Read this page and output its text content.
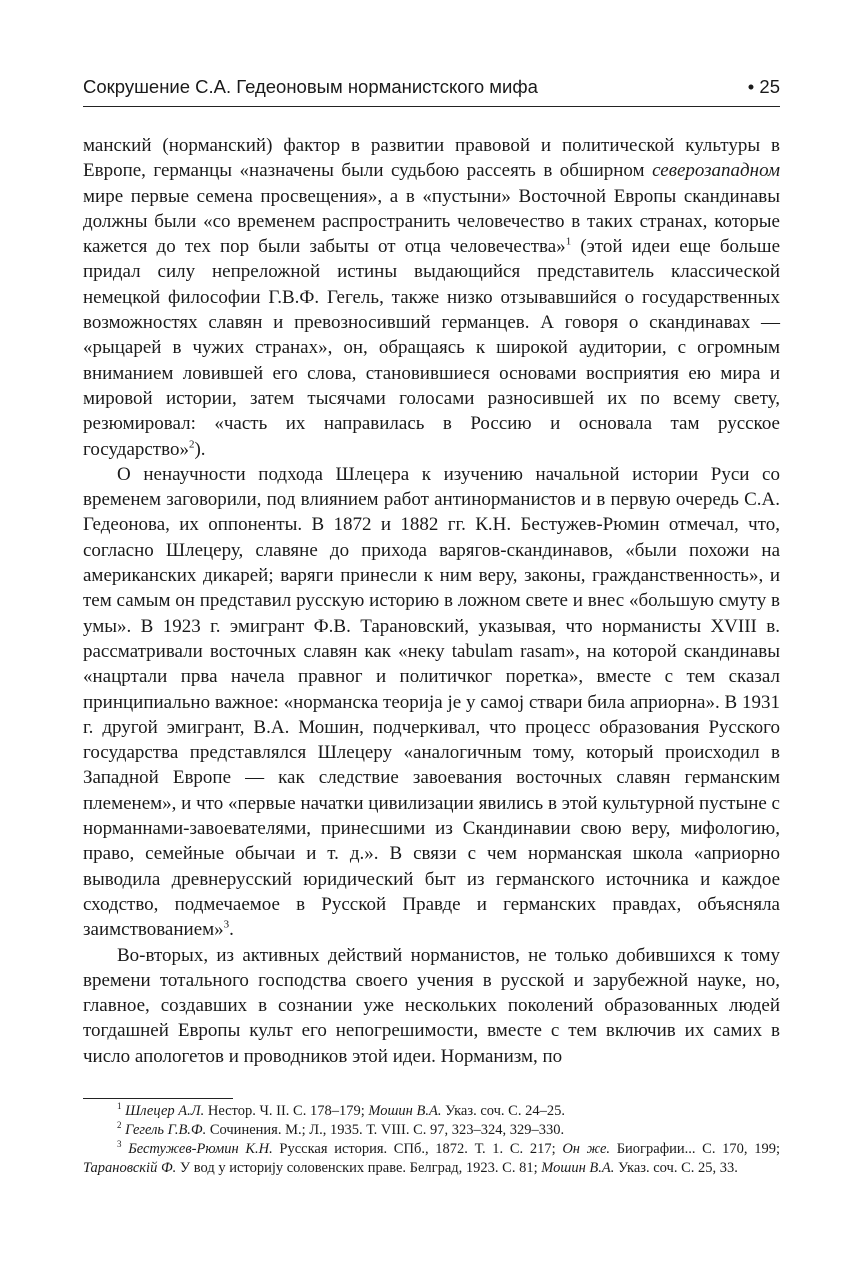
Сокрушение С.А. Гедеоновым норманистского мифа	• 25

манский (норманский) фактор в развитии правовой и политической культуры в Европе, германцы «назначены были судьбою рассеять в обширном северозападном мире первые семена просвещения», а в «пустыни» Восточной Европы скандинавы должны были «со временем распространить человечество в таких странах, которые кажется до тех пор были забыты от отца человечества»$^1$ (этой идеи еще больше придал силу непреложной истины выдающийся представитель классической немецкой философии Г.В.Ф. Гегель, также низко отзывавшийся о государственных возможностях славян и превозносивший германцев. А говоря о скандинавах — «рыцарей в чужих странах», он, обращаясь к широкой аудитории, с огромным вниманием ловившей его слова, становившиеся основами восприятия ею мира и мировой истории, затем тысячами голосами разносившей их по всему свету, резюмировал: «часть их направилась в Россию и основала там русское государство»$^2$).

О ненаучности подхода Шлецера к изучению начальной истории Руси со временем заговорили, под влиянием работ антинорманистов и в первую очередь С.А. Гедеонова, их оппоненты. В 1872 и 1882 гг. К.Н. Бестужев-Рюмин отмечал, что, согласно Шлецеру, славяне до прихода варягов-скандинавов, «были похожи на американских дикарей; варяги принесли к ним веру, законы, гражданственность», и тем самым он представил русскую историю в ложном свете и внес «большую смуту в умы». В 1923 г. эмигрант Ф.В. Тарановский, указывая, что норманисты XVIII в. рассматривали восточных славян как «неку tabulam rasam», на которой скандинавы «нацртали прва начела правног и политичког поретка», вместе с тем сказал принципиально важное: «норманска теорија је у самој ствари била априорна». В 1931 г. другой эмигрант, В.А. Мошин, подчеркивал, что процесс образования Русского государства представлялся Шлецеру «аналогичным тому, который происходил в Западной Европе — как следствие завоевания восточных славян германским племенем», и что «первые начатки цивилизации явились в этой культурной пустыне с норманнами-завоевателями, принесшими из Скандинавии свою веру, мифологию, право, семейные обычаи и т. д.». В связи с чем норманская школа «априорно выводила древнерусский юридический быт из германского источника и каждое сходство, подмечаемое в Русской Правде и германских правдах, объясняла заимствованием»$^3$.

Во-вторых, из активных действий норманистов, не только добившихся к тому времени тотального господства своего учения в русской и зарубежной науке, но, главное, создавших в сознании уже нескольких поколений образованных людей тогдашней Европы культ его непогрешимости, вместе с тем включив их самих в число апологетов и проводников этой идеи. Норманизм, по

$^1$ Шлецер А.Л. Нестор. Ч. II. С. 178–179; Мошин В.А. Указ. соч. С. 24–25.

$^2$ Гегель Г.В.Ф. Сочинения. М.; Л., 1935. Т. VIII. С. 97, 323–324, 329–330.

$^3$ Бестужев-Рюмин К.Н. Русская история. СПб., 1872. Т. 1. С. 217; Он же. Биографии... С. 170, 199; Тарановскiй Ф. У вод у историју соловенских праве. Белград, 1923. С. 81; Мошин В.А. Указ. соч. С. 25, 33.
